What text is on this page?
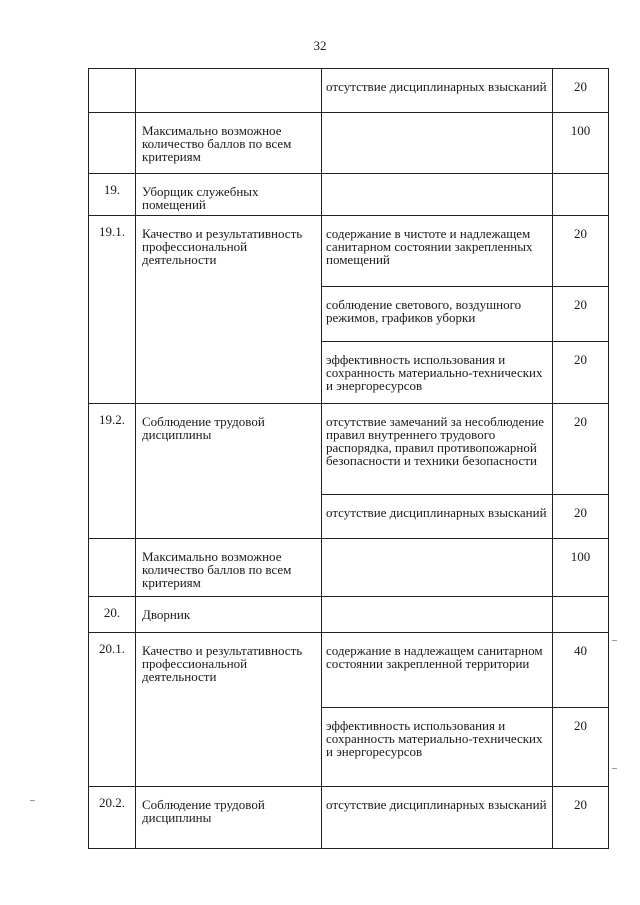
32
		отсутствие дисциплинарных взысканий	20
	Максимально возможное количество баллов по всем критериям		100
19.	Уборщик служебных помещений		
19.1.	Качество и результативность профессиональной деятельности	содержание в чистоте и надлежащем санитарном состоянии закрепленных помещений	20
		соблюдение светового, воздушного режимов, графиков уборки	20
		эффективность использования и сохранность материально-технических и энергоресурсов	20
19.2.	Соблюдение трудовой дисциплины	отсутствие замечаний за несоблюдение правил внутреннего трудового распорядка, правил противопожарной безопасности и техники безопасности	20
		отсутствие дисциплинарных взысканий	20
	Максимально возможное количество баллов по всем критериям		100
20.	Дворник		
20.1.	Качество и результативность профессиональной деятельности	содержание в надлежащем санитарном состоянии закрепленной территории	40
		эффективность использования и сохранность материально-технических и энергоресурсов	20
20.2.	Соблюдение трудовой дисциплины	отсутствие дисциплинарных взысканий	20
